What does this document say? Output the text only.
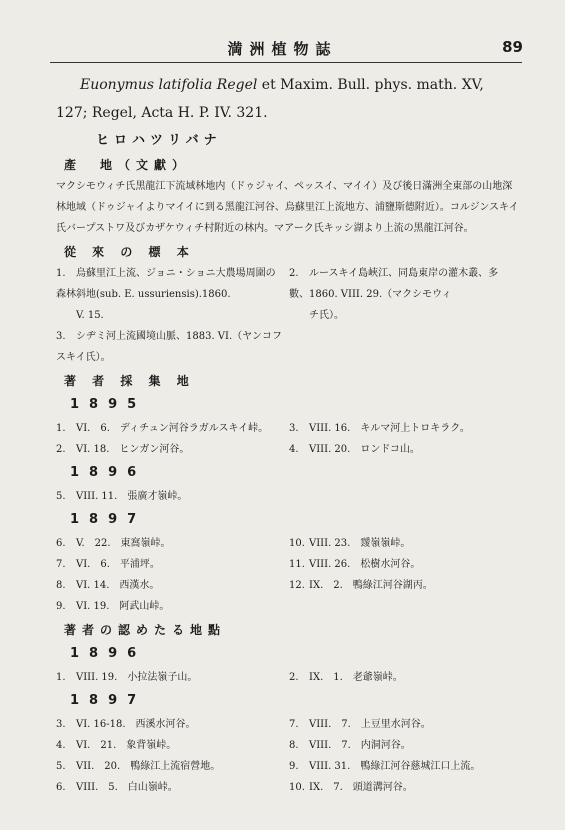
満洲植物誌	89

Euonymus latifolia Regel et Maxim. Bull. phys. math. XV,

127; Regel, Acta H. P. IV. 321.

ヒロハツリバナ
產　地（文獻）

マクシモウィチ氏黑龍江下流域林地内（ドゥジャイ、ペッスイ、マイイ）及び後日滿洲全東部の山地深林地域（ドゥジャイよりマイイに到る黑龍江河谷、烏蘇里江上流地方、浦鹽斯德附近）。コルジンスキイ氏バープストワ及びカザケウィチ村附近の林内。マアーク氏キッシ湖より上流の黑龍江河谷。

從 來 の 標 本
1. 烏蘇里江上流、ジョニ・ショニ大農場周圍の森林斜地(sub. E. ussuriensis).1860.
V. 15.
2. ルースキイ島峽江、同島東岸の灌木叢、多數、1860. VIII. 29.（マクシモウィ
チ氏）。
3. シヂミ河上流國境山脈、1883. VI.（ヤンコフスキイ氏）。
著 者 採 集 地
1895
1. VI.　6.　ディチュン河谷ラガルスキイ峠。	3. VIII. 16.　キルマ河上トロキラク。
2. VI. 18.　ヒンガン河谷。	4. VIII. 20.　ロンドコ山。
1896
5. VIII. 11.　張廣才嶺峠。
1897
6. V.　22.　東窩嶺峠。	10. VIII. 23.　靉嶺嶺峠。
7. VI.　6.　平浦坪。	11. VIII. 26.　松樹水河谷。
8. VI. 14.　西漢水。	12. IX.　2.　鴨綠江河谷湖丙。
9. VI. 19.　阿武山峠。
著者の認めたる地點
1896
1. VIII. 19.　小拉法嶺子山。	2. IX.　1.　老爺嶺峠。
1897
3. VI. 16-18.　西溪水河谷。	7. VIII.　7.　上豆里水河谷。
4. VI.　21.　象背嶺峠。	8. VIII.　7.　内洞河谷。
5. VII.　20.　鴨綠江上流宿營地。	9. VIII. 31.　鴨綠江河谷慈城江口上流。
6. VIII.　5.　白山嶺峠。	10. IX.　7.　頭道溝河谷。
